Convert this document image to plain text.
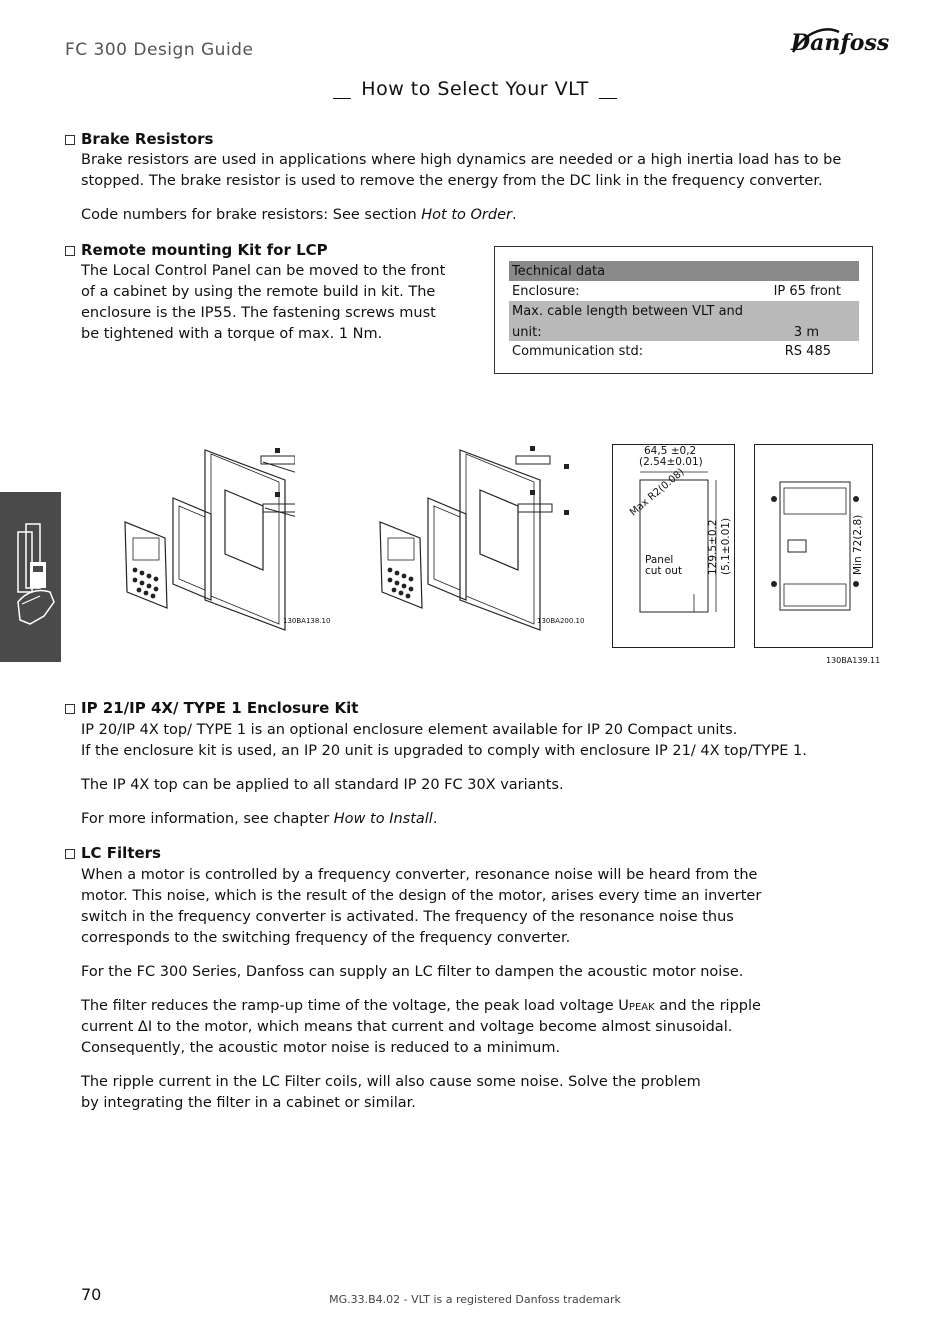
FC 300 Design Guide	Danfoss
How to Select Your VLT
Brake Resistors
Brake resistors are used in applications where high dynamics are needed or a high inertia load has to be
stopped. The brake resistor is used to remove the energy from the DC link in the frequency converter.
Code numbers for brake resistors: See section Hot to Order.
Remote mounting Kit for LCP
The Local Control Panel can be moved to the front
of a cabinet by using the remote build in kit. The
enclosure is the IP55. The fastening screws must
be tightened with a torque of max. 1 Nm.
Technical data
Enclosure:	IP 65 front
Max. cable length between VLT and
unit:	3 m
Communication std:	RS 485
130BA138.10	130BA200.10
64,5 ±0,2
(2.54±0.01)
Max R2(0.08)
Panel
cut out 129.5±0.2 (5.1±0.01)	Min 72(2.8)
130BA139.11
IP 21/IP 4X/ TYPE 1 Enclosure Kit
IP 20/IP 4X top/ TYPE 1 is an optional enclosure element available for IP 20 Compact units.
If the enclosure kit is used, an IP 20 unit is upgraded to comply with enclosure IP 21/ 4X top/TYPE 1.
The IP 4X top can be applied to all standard IP 20 FC 30X variants.
For more information, see chapter How to Install.
LC Filters
When a motor is controlled by a frequency converter, resonance noise will be heard from the
motor. This noise, which is the result of the design of the motor, arises every time an inverter
switch in the frequency converter is activated. The frequency of the resonance noise thus
corresponds to the switching frequency of the frequency converter.
For the FC 300 Series, Danfoss can supply an LC filter to dampen the acoustic motor noise.
The filter reduces the ramp-up time of the voltage, the peak load voltage UPEAK and the ripple
current ΔI to the motor, which means that current and voltage become almost sinusoidal.
Consequently, the acoustic motor noise is reduced to a minimum.
The ripple current in the LC Filter coils, will also cause some noise. Solve the problem
by integrating the filter in a cabinet or similar.
70	MG.33.B4.02 - VLT is a registered Danfoss trademark
